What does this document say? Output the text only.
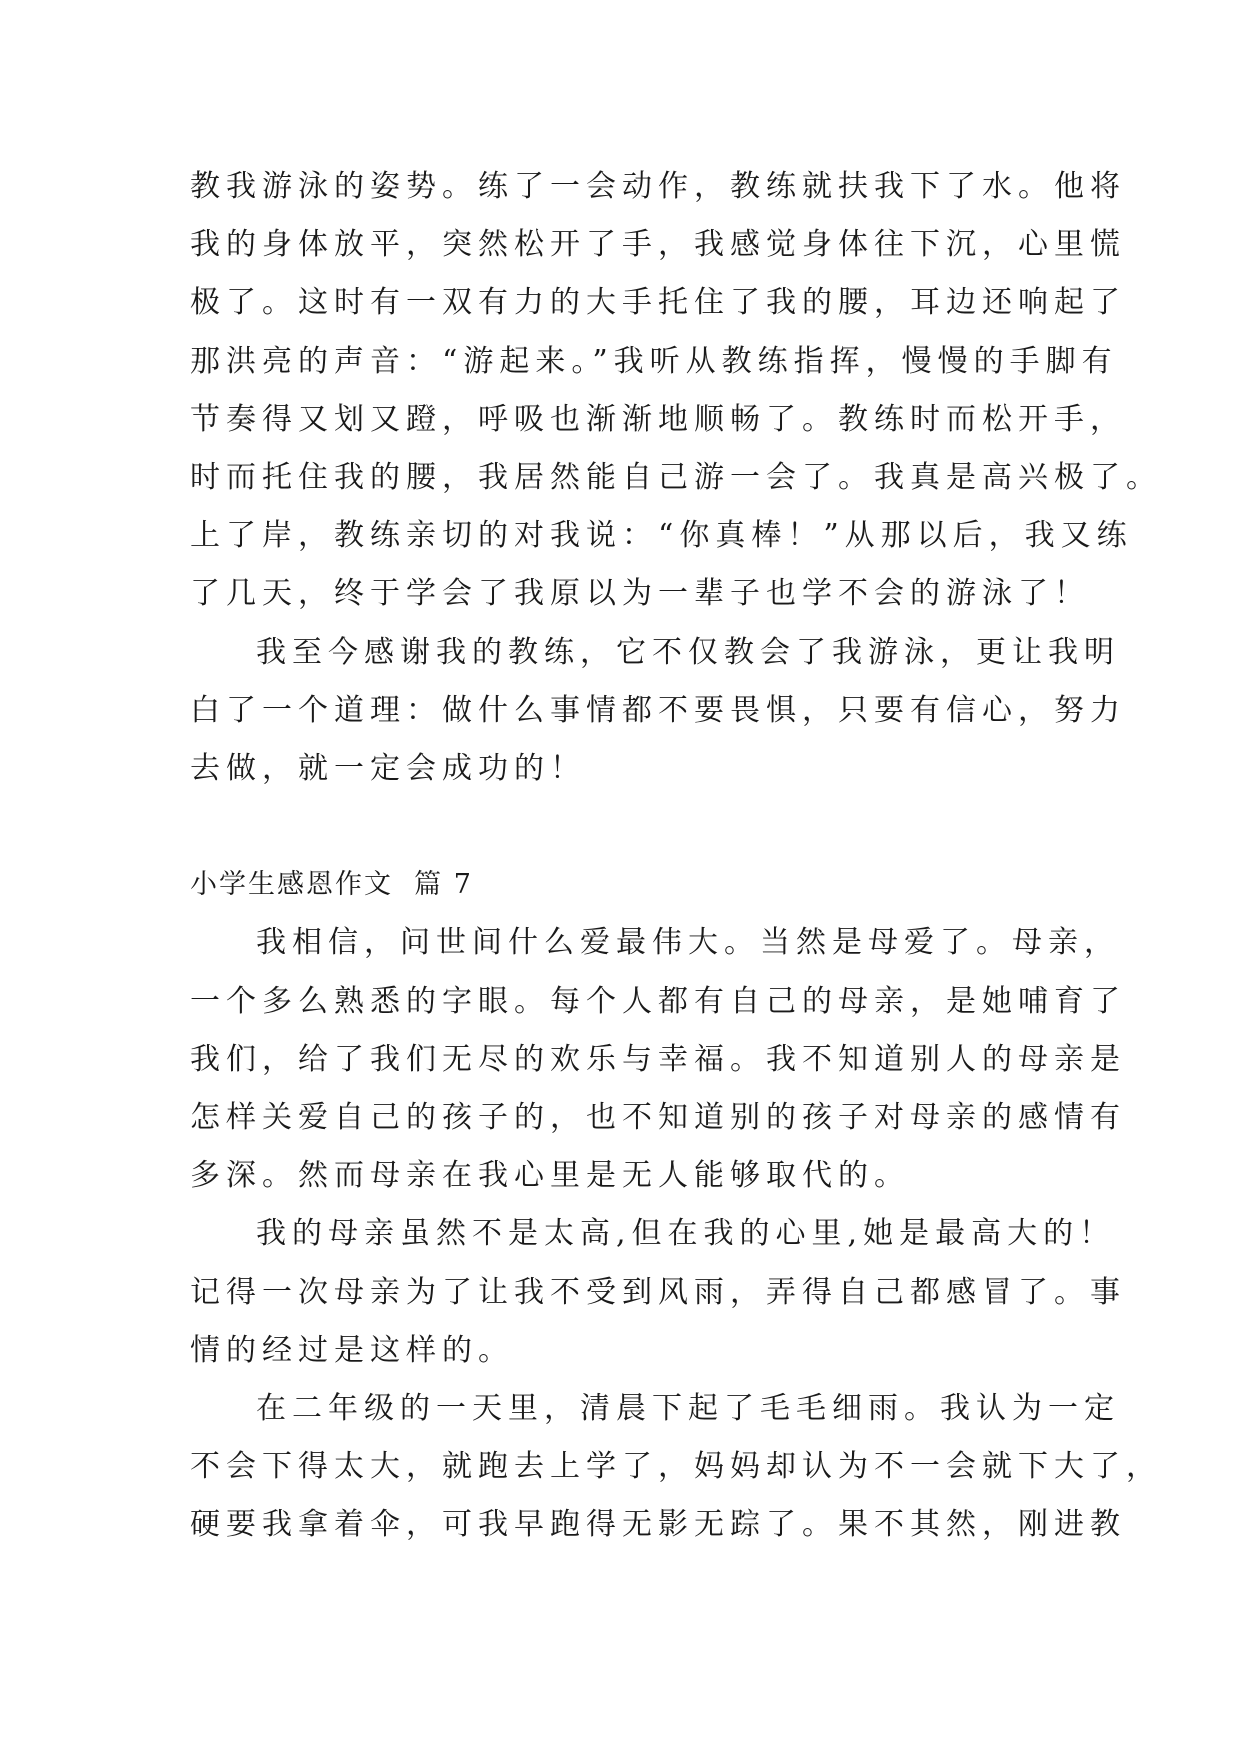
教我游泳的姿势。练了一会动作，教练就扶我下了水。他将
我的身体放平，突然松开了手，我感觉身体往下沉，心里慌
极了。这时有一双有力的大手托住了我的腰，耳边还响起了
那洪亮的声音：“游起来。”我听从教练指挥，慢慢的手脚有
节奏得又划又蹬，呼吸也渐渐地顺畅了。教练时而松开手，
时而托住我的腰，我居然能自己游一会了。我真是高兴极了。
上了岸，教练亲切的对我说：“你真棒！”从那以后，我又练
了几天，终于学会了我原以为一辈子也学不会的游泳了！
我至今感谢我的教练，它不仅教会了我游泳，更让我明
白了一个道理：做什么事情都不要畏惧，只要有信心，努力
去做，就一定会成功的！
小学生感恩作文  篇 7
我相信，问世间什么爱最伟大。当然是母爱了。母亲，
一个多么熟悉的字眼。每个人都有自己的母亲，是她哺育了
我们，给了我们无尽的欢乐与幸福。我不知道别人的母亲是
怎样关爱自己的孩子的，也不知道别的孩子对母亲的感情有
多深。然而母亲在我心里是无人能够取代的。
我的母亲虽然不是太高,但在我的心里,她是最高大的！
记得一次母亲为了让我不受到风雨，弄得自己都感冒了。事
情的经过是这样的。
在二年级的一天里，清晨下起了毛毛细雨。我认为一定
不会下得太大，就跑去上学了，妈妈却认为不一会就下大了，
硬要我拿着伞，可我早跑得无影无踪了。果不其然，刚进教
